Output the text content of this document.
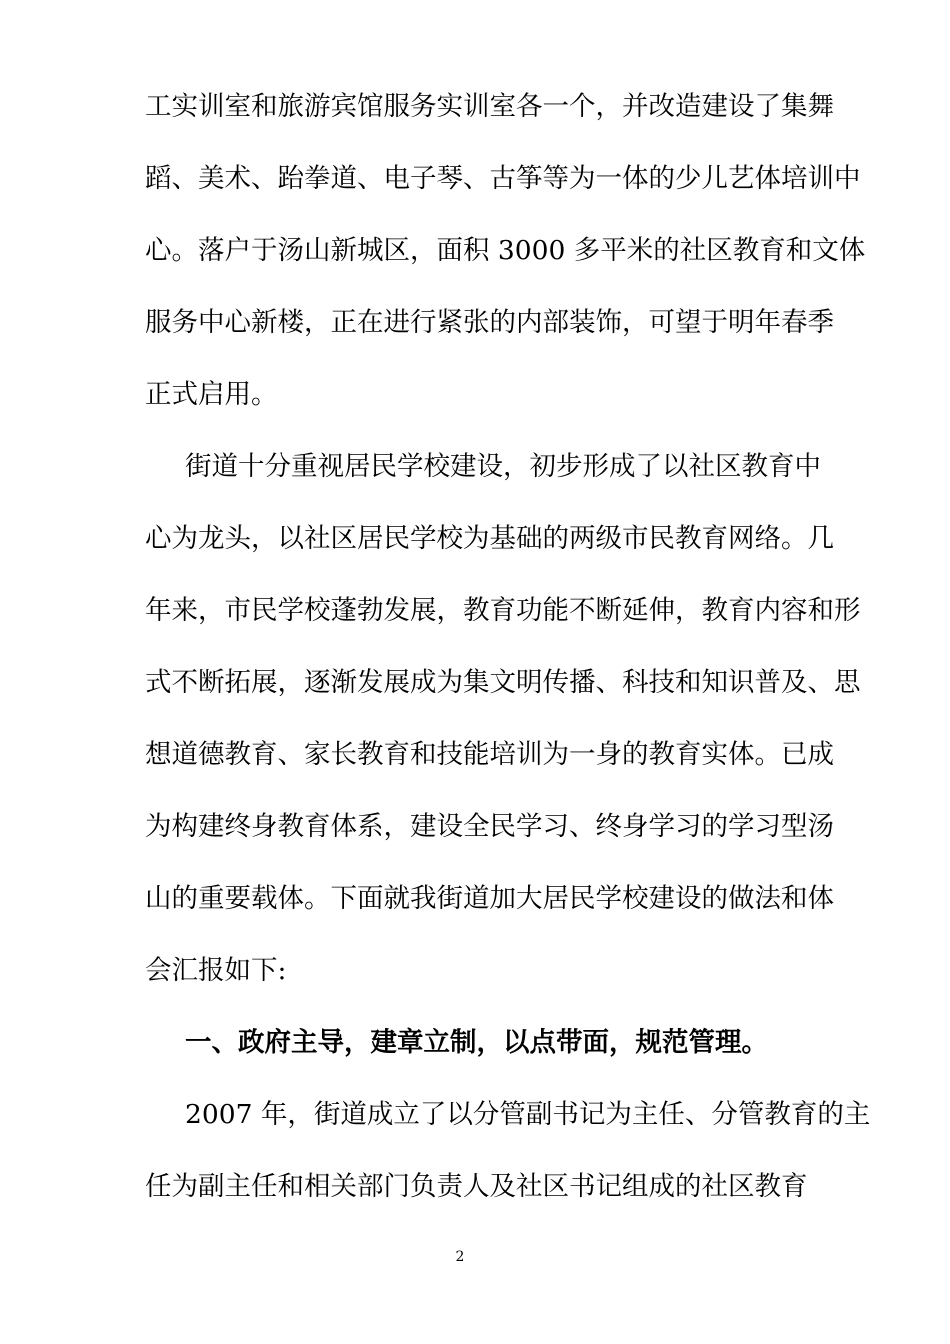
工实训室和旅游宾馆服务实训室各一个，并改造建设了集舞
蹈、美术、跆拳道、电子琴、古筝等为一体的少儿艺体培训中
心。落户于汤山新城区，面积 3000 多平米的社区教育和文体
服务中心新楼，正在进行紧张的内部装饰，可望于明年春季
正式启用。
街道十分重视居民学校建设，初步形成了以社区教育中
心为龙头，以社区居民学校为基础的两级市民教育网络。几
年来，市民学校蓬勃发展，教育功能不断延伸，教育内容和形
式不断拓展，逐渐发展成为集文明传播、科技和知识普及、思
想道德教育、家长教育和技能培训为一身的教育实体。已成
为构建终身教育体系，建设全民学习、终身学习的学习型汤
山的重要载体。下面就我街道加大居民学校建设的做法和体
会汇报如下:
一、政府主导，建章立制，以点带面，规范管理。
2007 年，街道成立了以分管副书记为主任、分管教育的主
任为副主任和相关部门负责人及社区书记组成的社区教育
2
